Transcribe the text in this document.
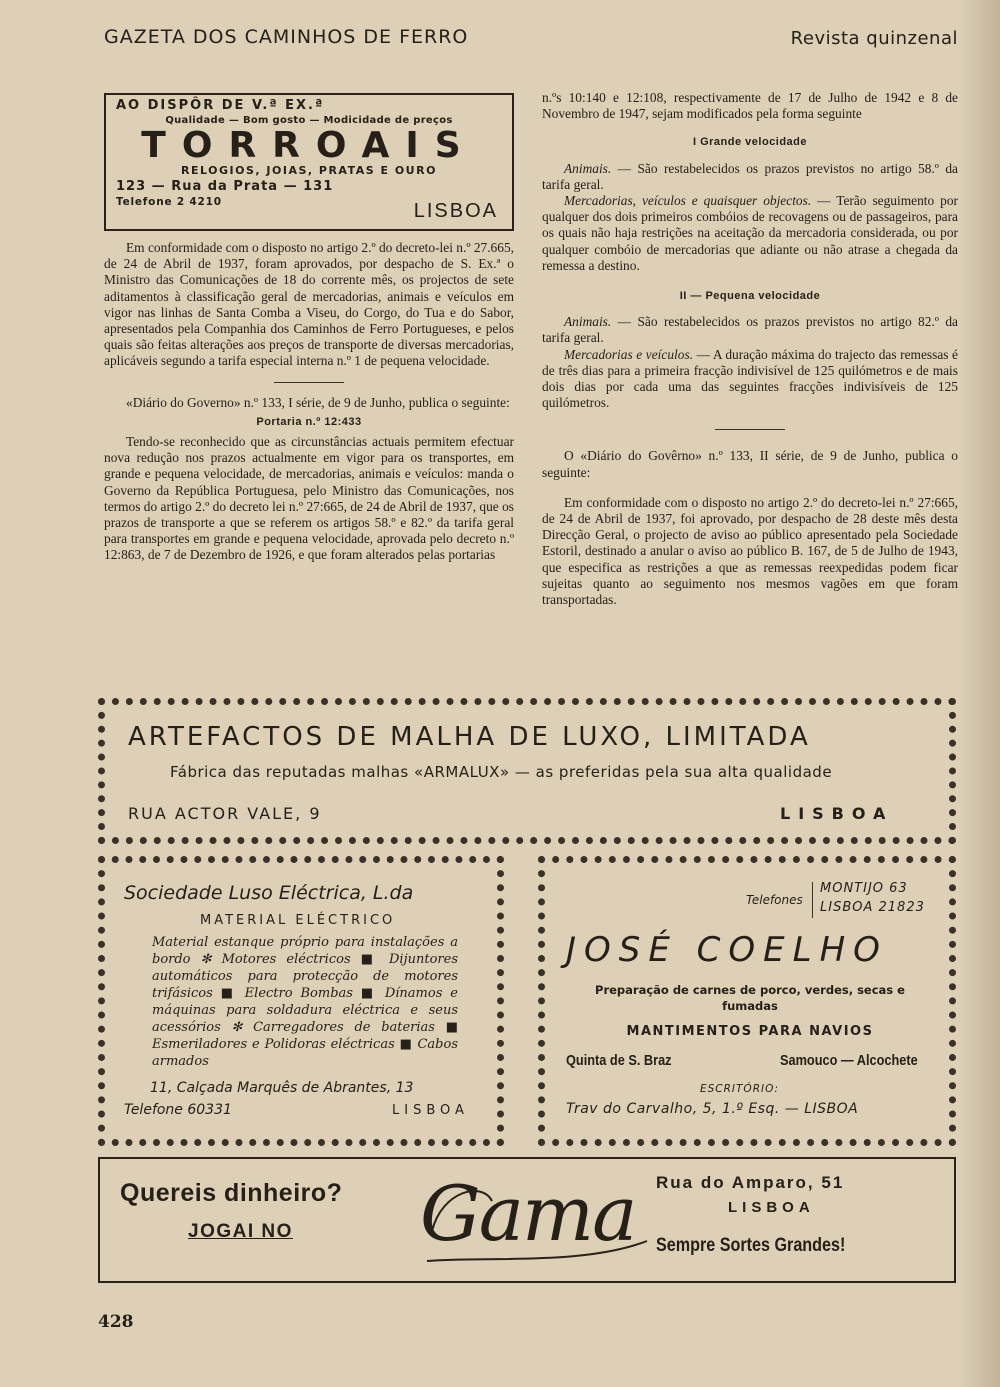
GAZETA DOS CAMINHOS DE FERRO	Revista quinzenal
AO DISPÔR DE V.ª EX.ª
Qualidade — Bom gosto — Modicidade de preços
TORROAIS
RELOGIOS, JOIAS, PRATAS E OURO
123 — Rua da Prata — 131
Telefone 2 4210	LISBOA

Em conformidade com o disposto no artigo 2.º do decreto-lei n.º 27.665, de 24 de Abril de 1937, foram aprovados, por despacho de S. Ex.ª o Ministro das Comunicações de 18 do corrente mês, os projectos de sete aditamentos à classificação geral de mercadorias, animais e veículos em vigor nas linhas de Santa Comba a Viseu, do Corgo, do Tua e do Sabor, apresentados pela Companhia dos Caminhos de Ferro Portugueses, e pelos quais são feitas alterações aos preços de transporte de diversas mercadorias, aplicáveis segundo a tarifa especial interna n.º 1 de pequena velocidade.

«Diário do Governo» n.º 133, I série, de 9 de Junho, publica o seguinte:

Portaria n.º 12:433

Tendo-se reconhecido que as circunstâncias actuais permitem efectuar nova redução nos prazos actualmente em vigor para os transportes, em grande e pequena velocidade, de mercadorias, animais e veículos: manda o Governo da República Portuguesa, pelo Ministro das Comunicações, nos termos do artigo 2.º do decreto lei n.º 27:665, de 24 de Abril de 1937, que os prazos de transporte a que se referem os artigos 58.º e 82.º da tarifa geral para transportes em grande e pequena velocidade, aprovada pelo decreto n.º 12:863, de 7 de Dezembro de 1926, e que foram alterados pelas portarias

n.ºs 10:140 e 12:108, respectivamente de 17 de Julho de 1942 e 8 de Novembro de 1947, sejam modificados pela forma seguinte

I Grande velocidade

Animais. — São restabelecidos os prazos previstos no artigo 58.º da tarifa geral.

Mercadorias, veículos e quaisquer objectos. — Terão seguimento por qualquer dos dois primeiros combóios de recovagens ou de passageiros, para os quais não haja restrições na aceitação da mercadoria considerada, ou por qualquer combóio de mercadorias que adiante ou não atrase a chegada da remessa a destino.

II — Pequena velocidade

Animais. — São restabelecidos os prazos previstos no artigo 82.º da tarifa geral.

Mercadorias e veículos. — A duração máxima do trajecto das remessas é de três dias para a primeira fracção indivisível de 125 quilómetros e de mais dois dias por cada uma das seguintes fracções indivisíveis de 125 quilómetros.

O «Diário do Govêrno» n.º 133, II série, de 9 de Junho, publica o seguinte:

Em conformidade com o disposto no artigo 2.º do decreto-lei n.º 27:665, de 24 de Abril de 1937, foi aprovado, por despacho de 28 deste mês desta Direcção Geral, o projecto de aviso ao público apresentado pela Sociedade Estoril, destinado a anular o aviso ao público B. 167, de 5 de Julho de 1943, que especifica as restrições a que as remessas reexpedidas podem ficar sujeitas quanto ao seguimento nos mesmos vagões em que foram transportadas.

ARTEFACTOS DE MALHA DE LUXO, LIMITADA
Fábrica das reputadas malhas «ARMALUX» — as preferidas pela sua alta qualidade
RUA ACTOR VALE, 9	LISBOA
Sociedade Luso Eléctrica, L.da
MATERIAL ELÉCTRICO
Material estanque próprio para instalações a bordo ✻ Motores eléctricos ■ Dijuntores automáticos para protecção de motores trifásicos ■ Electro Bombas ■ Dínamos e máquinas para soldadura eléctrica e seus acessórios ✻ Carregadores de baterias ■ Esmeriladores e Polidoras eléctricas ■ Cabos armados
11, Calçada Marquês de Abrantes, 13
Telefone 60331	LISBOA
Telefones
MONTIJO 63
LISBOA 21823
JOSÉ COELHO
Preparação de carnes de porco, verdes, secas e fumadas
MANTIMENTOS PARA NAVIOS
Quinta de S. Braz	Samouco — Alcochete
ESCRITÓRIO:
Trav do Carvalho, 5, 1.º Esq. — LISBOA
Quereis dinheiro?
JOGAI NO Gama Rua do Amparo, 51
LISBOA
Sempre Sortes Grandes!
428
